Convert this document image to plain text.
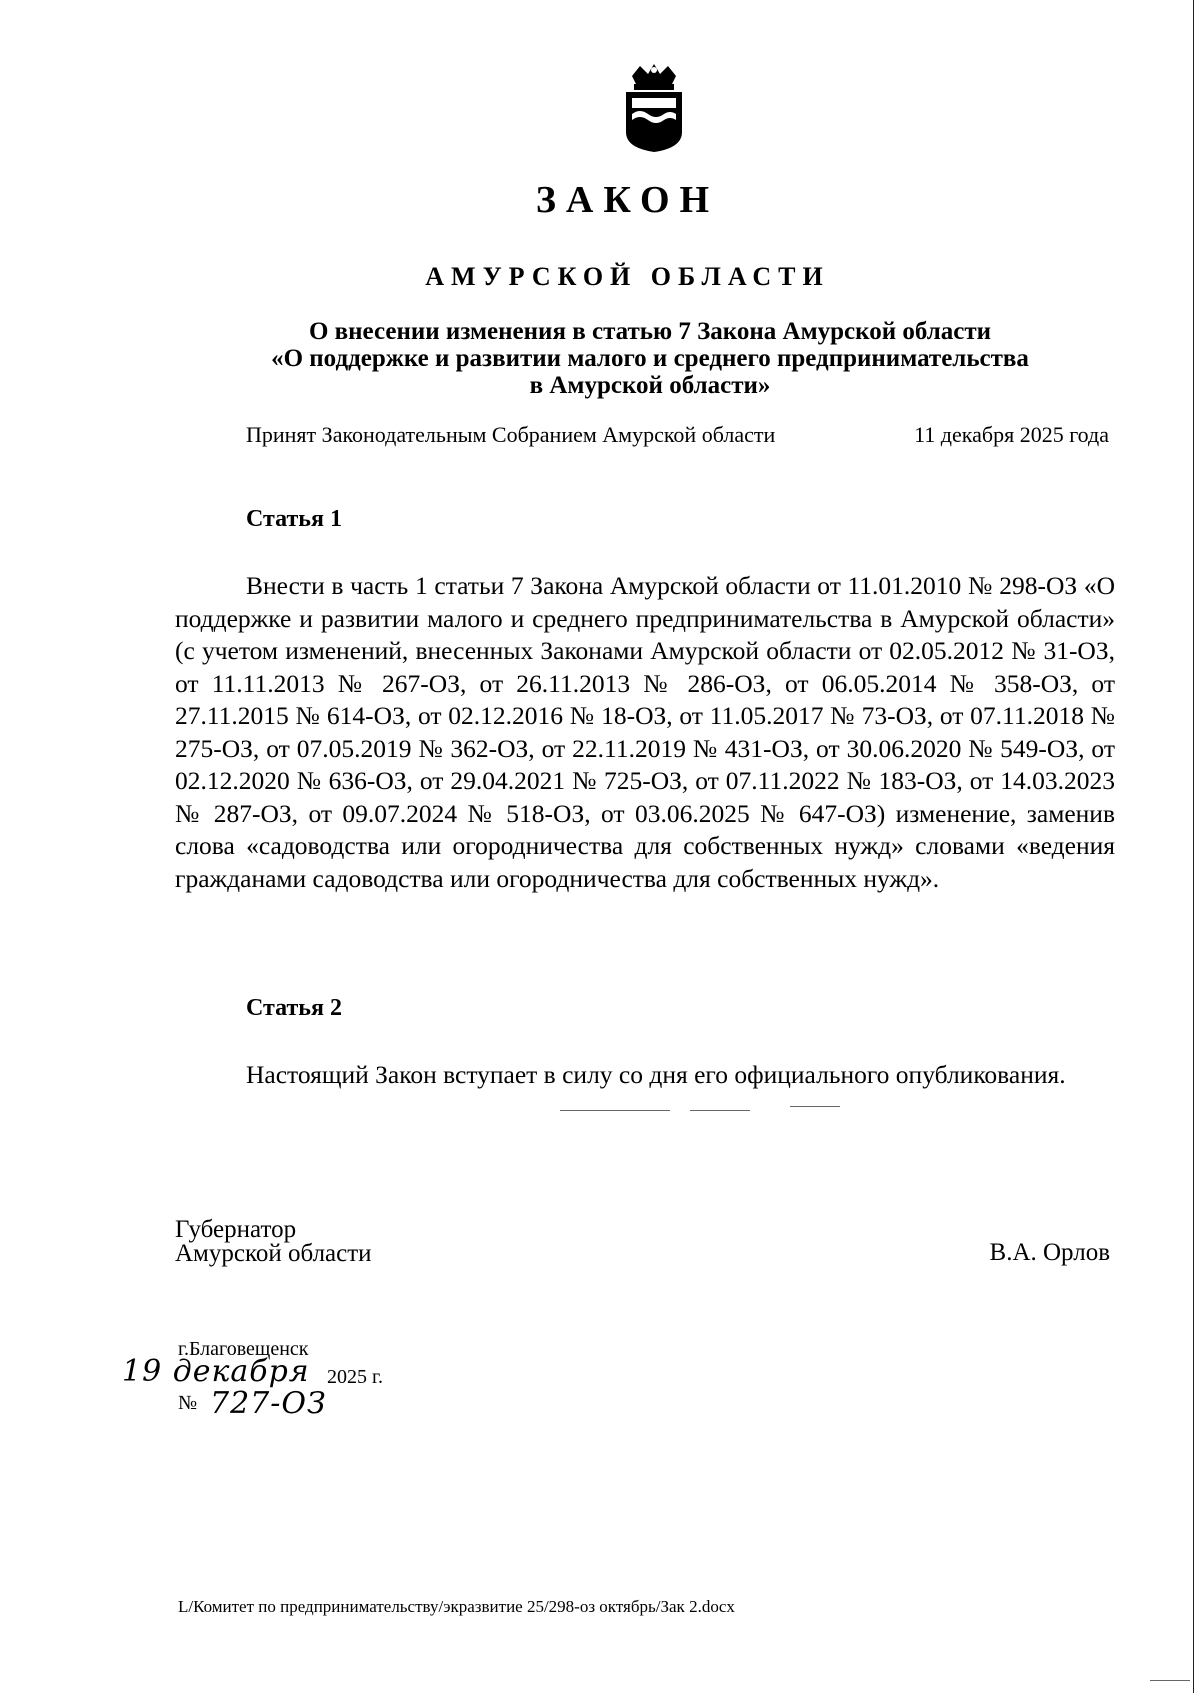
ЗАКОН
АМУРСКОЙ ОБЛАСТИ
О внесении изменения в статью 7 Закона Амурской области
«О поддержке и развитии малого и среднего предпринимательства
в Амурской области»
Принят Законодательным Собранием Амурской области	11 декабря 2025 года
Статья 1
Внести в часть 1 статьи 7 Закона Амурской области от 11.01.2010 № 298-ОЗ «О поддержке и развитии малого и среднего предпринимательства в Амурской области» (с учетом изменений, внесенных Законами Амурской области от 02.05.2012 № 31-ОЗ, от 11.11.2013 № 267-ОЗ, от 26.11.2013 № 286-ОЗ, от 06.05.2014 № 358-ОЗ, от 27.11.2015 № 614-ОЗ, от 02.12.2016 № 18-ОЗ, от 11.05.2017 № 73-ОЗ, от 07.11.2018 № 275-ОЗ, от 07.05.2019 № 362-ОЗ, от 22.11.2019 № 431-ОЗ, от 30.06.2020 № 549-ОЗ, от 02.12.2020 № 636-ОЗ, от 29.04.2021 № 725-ОЗ, от 07.11.2022 № 183-ОЗ, от 14.03.2023 № 287-ОЗ, от 09.07.2024 № 518-ОЗ, от 03.06.2025 № 647-ОЗ) изменение, заменив слова «садоводства или огородничества для собственных нужд» словами «ведения гражданами садоводства или огородничества для собственных нужд».
Статья 2
Настоящий Закон вступает в силу со дня его официального опубликования.
Губернатор
Амурской области	В.А. Орлов
г.Благовещенск
19 декабря 2025 г.
№ 727-ОЗ
L/Комитет по предпринимательству/экразвитие 25/298-оз октябрь/Зак 2.docx
